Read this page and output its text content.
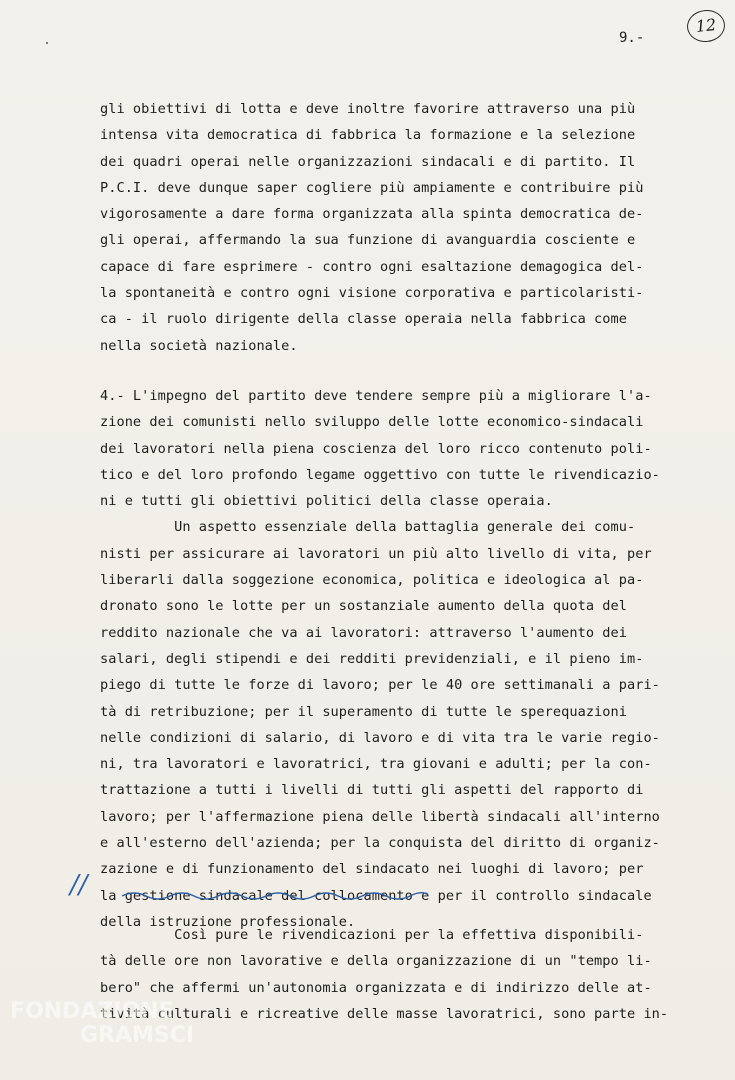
9.-
12
gli obiettivi di lotta e deve inoltre favorire attraverso una più
intensa vita democratica di fabbrica la formazione e la selezione
dei quadri operai nelle organizzazioni sindacali e di partito. Il
P.C.I. deve dunque saper cogliere più ampiamente e contribuire più
vigorosamente a dare forma organizzata alla spinta democratica de-
gli operai, affermando la sua funzione di avanguardia cosciente e
capace di fare esprimere - contro ogni esaltazione demagogica del-
la spontaneità e contro ogni visione corporativa e particolaristi-
ca - il ruolo dirigente della classe operaia nella fabbrica come
nella società nazionale.
4.- L'impegno del partito deve tendere sempre più a migliorare l'a-
zione dei comunisti nello sviluppo delle lotte economico-sindacali
dei lavoratori nella piena coscienza del loro ricco contenuto poli-
tico e del loro profondo legame oggettivo con tutte le rivendicazio-
ni e tutti gli obiettivi politici della classe operaia.
Un aspetto essenziale della battaglia generale dei comu-
nisti per assicurare ai lavoratori un più alto livello di vita, per
liberarli dalla soggezione economica, politica e ideologica al pa-
dronato sono le lotte per un sostanziale aumento della quota del
reddito nazionale che va ai lavoratori: attraverso l'aumento dei
salari, degli stipendi e dei redditi previdenziali, e il pieno im-
piego di tutte le forze di lavoro; per le 40 ore settimanali a pari-
tà di retribuzione; per il superamento di tutte le sperequazioni
nelle condizioni di salario, di lavoro e di vita tra le varie regio-
ni, tra lavoratori e lavoratrici, tra giovani e adulti; per la con-
trattazione a tutti i livelli di tutti gli aspetti del rapporto di
lavoro; per l'affermazione piena delle libertà sindacali all'interno
e all'esterno dell'azienda; per la conquista del diritto di organiz-
zazione e di funzionamento del sindacato nei luoghi di lavoro; per
la gestione sindacale del collocamento e per il controllo sindacale
della istruzione professionale.
Così pure le rivendicazioni per la effettiva disponibili-
tà delle ore non lavorative e della organizzazione di un "tempo li-
bero" che affermi un'autonomia organizzata e di indirizzo delle at-
tività culturali e ricreative delle masse lavoratrici, sono parte in-
//
FONDAZIONE
GRAMSCI
